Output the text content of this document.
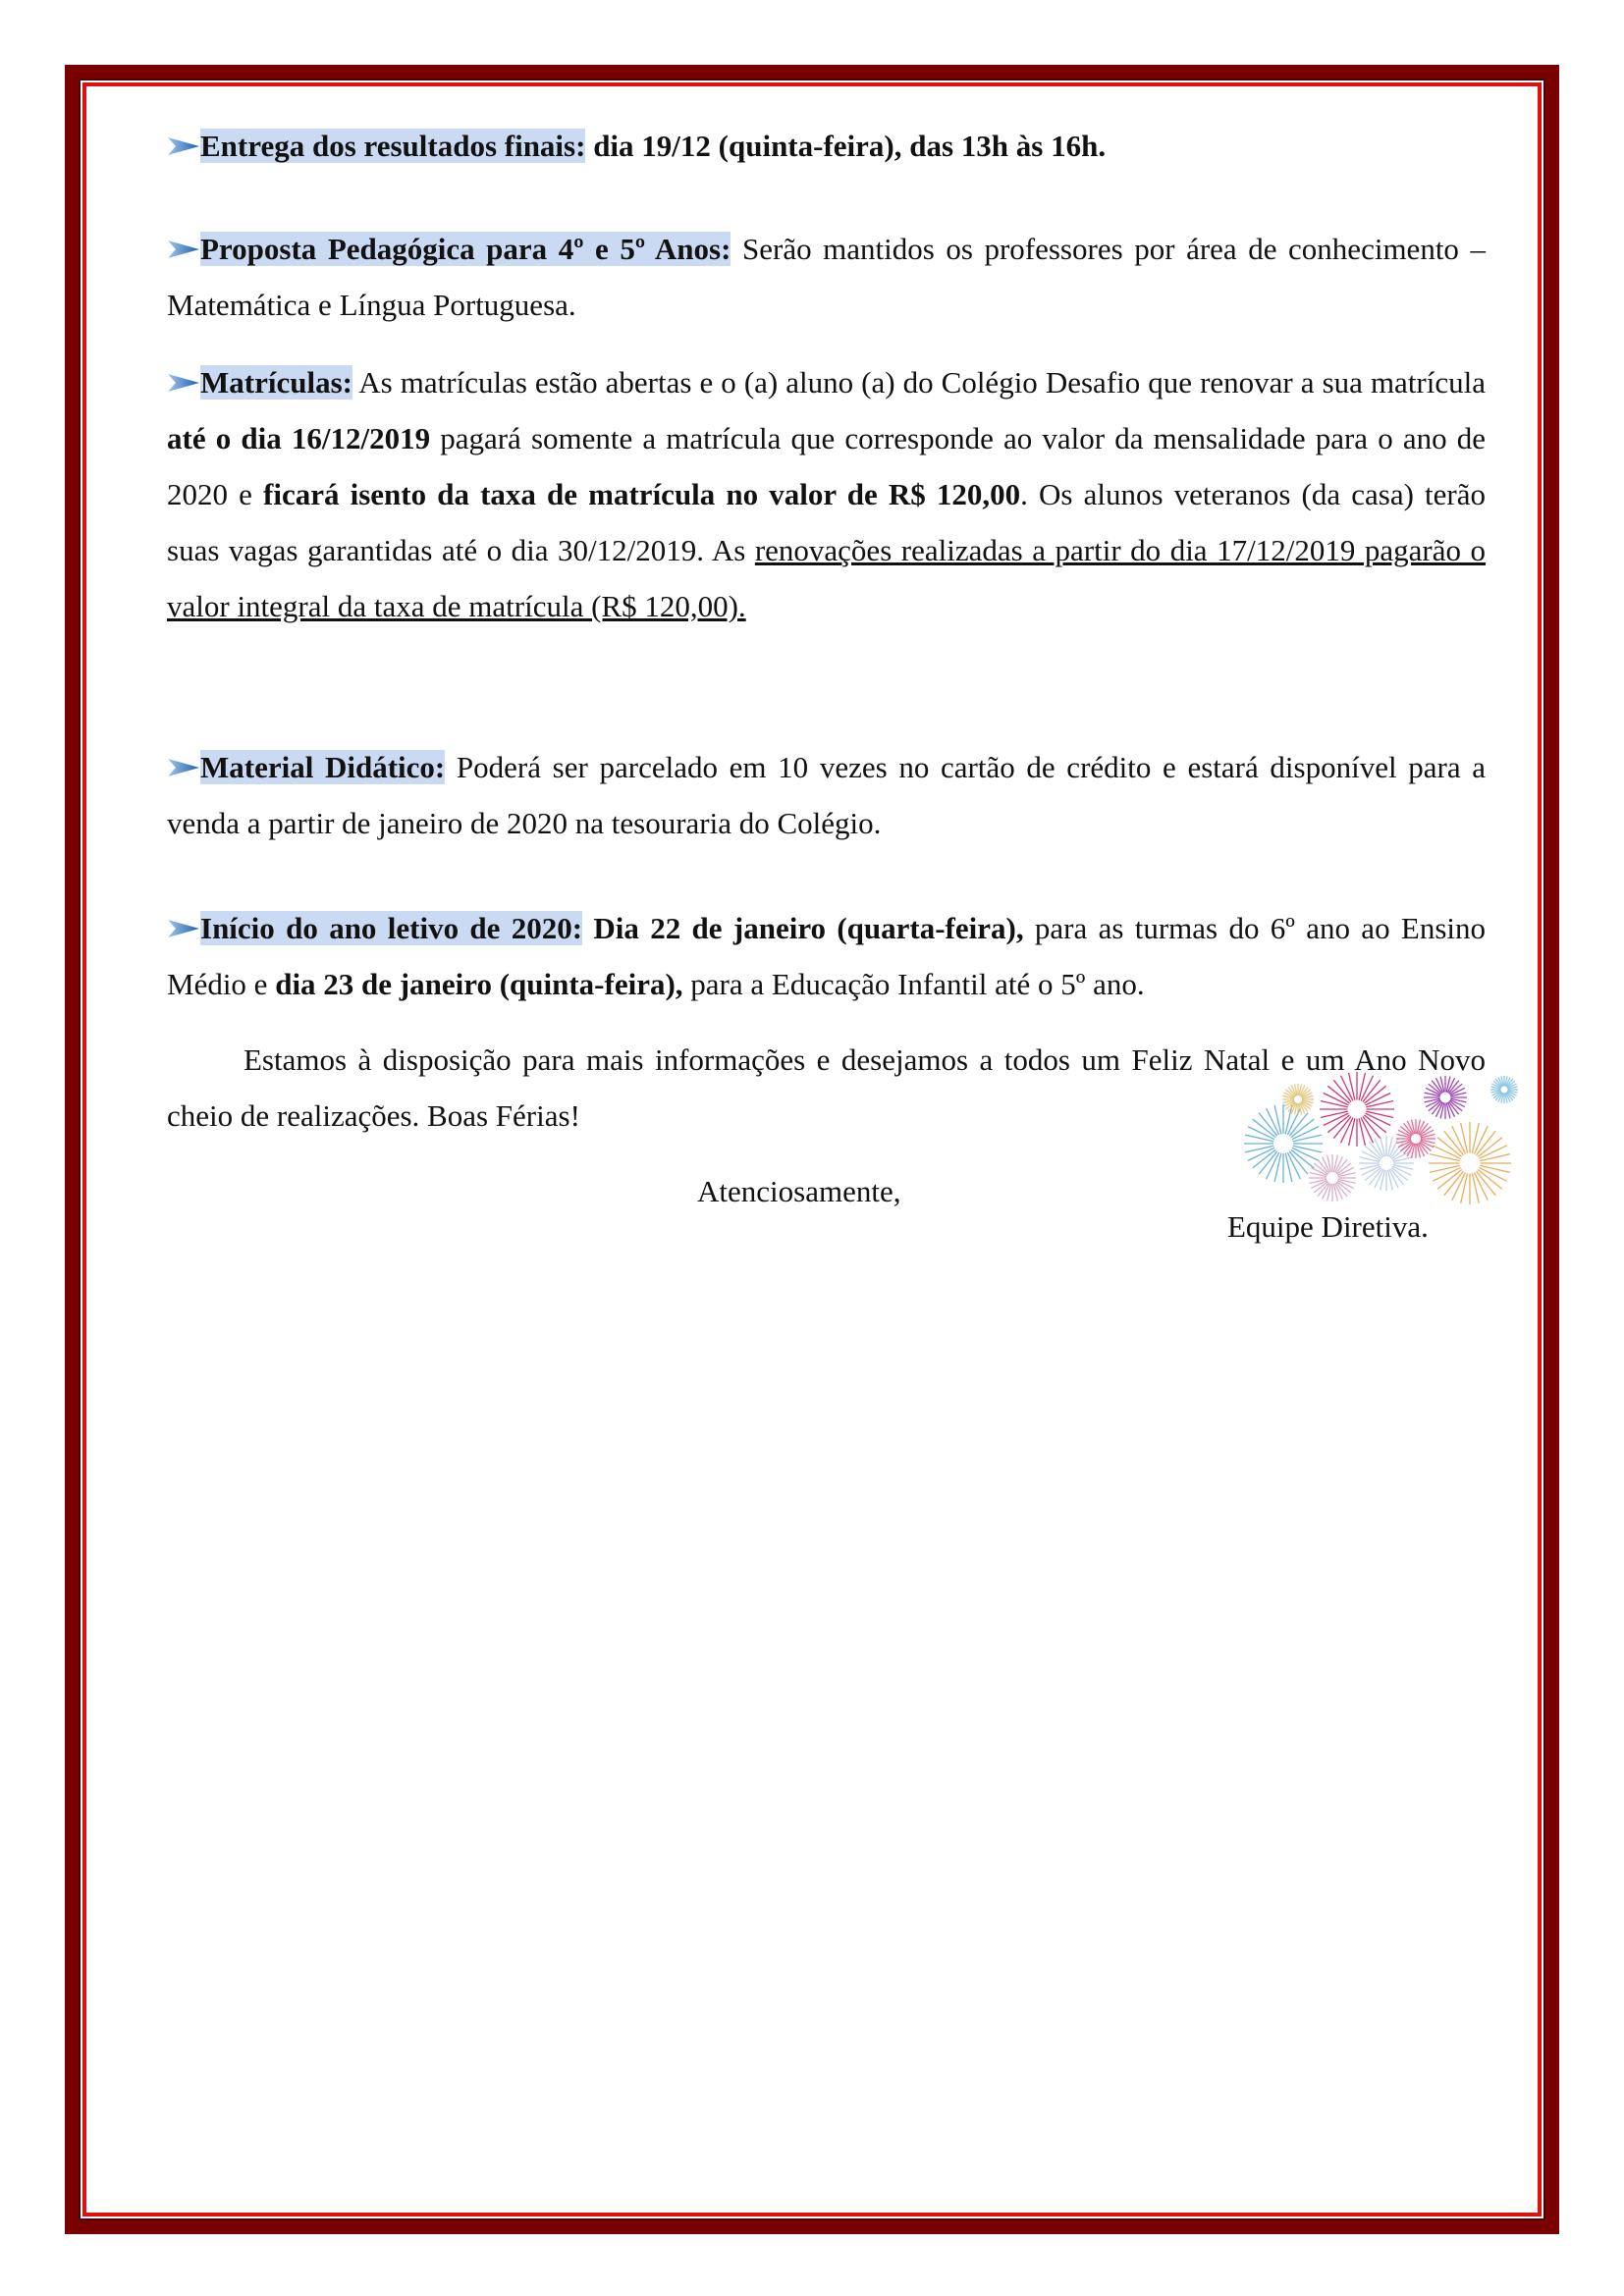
Entrega dos resultados finais: dia 19/12 (quinta-feira), das 13h às 16h.

Proposta Pedagógica para 4º e 5º Anos: Serão mantidos os professores por área de conhecimento – Matemática e Língua Portuguesa.

Matrículas: As matrículas estão abertas e o (a) aluno (a) do Colégio Desafio que renovar a sua matrícula até o dia 16/12/2019 pagará somente a matrícula que corresponde ao valor da mensalidade para o ano de 2020 e ficará isento da taxa de matrícula no valor de R$ 120,00. Os alunos veteranos (da casa) terão suas vagas garantidas até o dia 30/12/2019. As renovações realizadas a partir do dia 17/12/2019 pagarão o valor integral da taxa de matrícula (R$ 120,00).

Material Didático: Poderá ser parcelado em 10 vezes no cartão de crédito e estará disponível para a venda a partir de janeiro de 2020 na tesouraria do Colégio.

Início do ano letivo de 2020: Dia 22 de janeiro (quarta-feira), para as turmas do 6º ano ao Ensino Médio e dia 23 de janeiro (quinta-feira), para a Educação Infantil até o 5º ano.

Estamos à disposição para mais informações e desejamos a todos um Feliz Natal e um Ano Novo cheio de realizações. Boas Férias!

Atenciosamente,
Equipe Diretiva.
